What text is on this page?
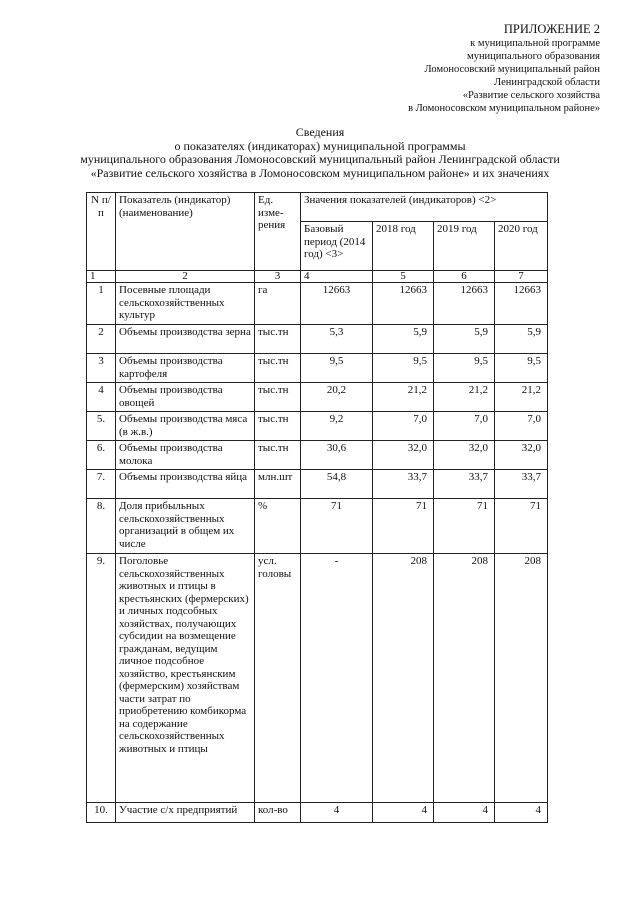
ПРИЛОЖЕНИЕ 2
к муниципальной программе
муниципального образования
Ломоносовский муниципальный район
Ленинградской области
«Развитие сельского хозяйства
в Ломоносовском муниципальном районе»
Сведения
о показателях (индикаторах) муниципальной программы
муниципального образования Ломоносовский муниципальный район Ленинградской области
«Развитие сельского хозяйства в Ломоносовском муниципальном районе» и их значениях
N п/п	Показатель (индикатор) (наименование)	Ед. изме- рения	Значения показателей (индикаторов) <2>			
			Базовый период (2014 год) <3>	2018 год	2019 год	2020 год
1	2	3	4	5	6	7
1	Посевные площади сельскохозяйственных культур	га	12663	12663	12663	12663
2	Объемы производства зерна	тыс.тн	5,3	5,9	5,9	5,9
3	Объемы производства картофеля	тыс.тн	9,5	9,5	9,5	9,5
4	Объемы производства овощей	тыс.тн	20,2	21,2	21,2	21,2
5.	Объемы производства мяса (в ж.в.)	тыс.тн	9,2	7,0	7,0	7,0
6.	Объемы производства молока	тыс.тн	30,6	32,0	32,0	32,0
7.	Объемы производства яйца	млн.шт	54,8	33,7	33,7	33,7
8.	Доля прибыльных сельскохозяйственных организаций в общем их числе	%	71	71	71	71
9.	Поголовье сельскохозяйственных животных и птицы в крестьянских (фермерских) и личных подсобных хозяйствах, получающих субсидии на возмещение гражданам, ведущим личное подсобное хозяйство, крестьянским (фермерским) хозяйствам части затрат по приобретению комбикорма на содержание сельскохозяйственных животных и птицы	усл. головы	-	208	208	208
10.	Участие с/х предприятий	кол-во	4	4	4	4
